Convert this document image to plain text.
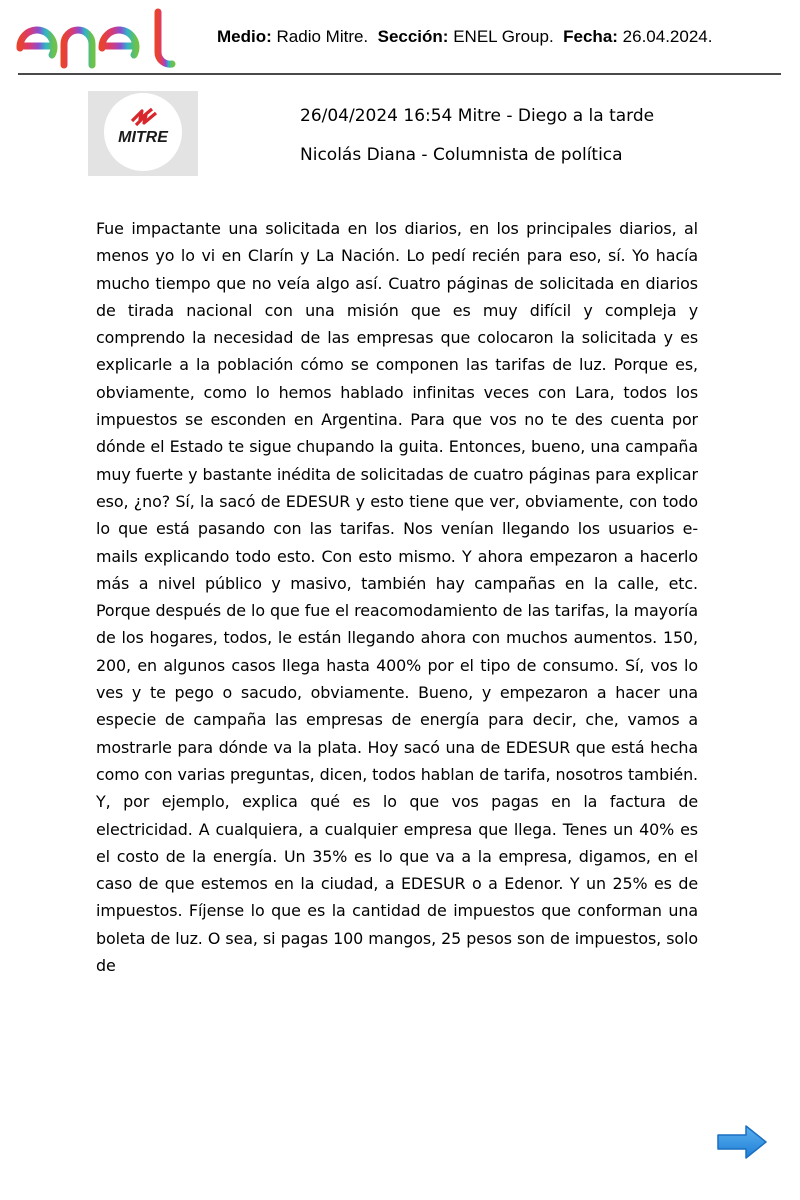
Medio: Radio Mitre. Sección: ENEL Group. Fecha: 26.04.2024.
MITRE
26/04/2024 16:54 Mitre - Diego a la tarde
Nicolás Diana - Columnista de política
Fue impactante una solicitada en los diarios, en los principales diarios, al menos yo lo vi en Clarín y La Nación. Lo pedí recién para eso, sí. Yo hacía mucho tiempo que no veía algo así. Cuatro páginas de solicitada en diarios de tirada nacional con una misión que es muy difícil y compleja y comprendo la necesidad de las empresas que colocaron la solicitada y es explicarle a la población cómo se componen las tarifas de luz. Porque es, obviamente, como lo hemos hablado infinitas veces con Lara, todos los impuestos se esconden en Argentina. Para que vos no te des cuenta por dónde el Estado te sigue chupando la guita. Entonces, bueno, una campaña muy fuerte y bastante inédita de solicitadas de cuatro páginas para explicar eso, ¿no? Sí, la sacó de EDESUR y esto tiene que ver, obviamente, con todo lo que está pasando con las tarifas. Nos venían llegando los usuarios e-mails explicando todo esto. Con esto mismo. Y ahora empezaron a hacerlo más a nivel público y masivo, también hay campañas en la calle, etc. Porque después de lo que fue el reacomodamiento de las tarifas, la mayoría de los hogares, todos, le están llegando ahora con muchos aumentos. 150, 200, en algunos casos llega hasta 400% por el tipo de consumo. Sí, vos lo ves y te pego o sacudo, obviamente. Bueno, y empezaron a hacer una especie de campaña las empresas de energía para decir, che, vamos a mostrarle para dónde va la plata. Hoy sacó una de EDESUR que está hecha como con varias preguntas, dicen, todos hablan de tarifa, nosotros también. Y, por ejemplo, explica qué es lo que vos pagas en la factura de electricidad. A cualquiera, a cualquier empresa que llega. Tenes un 40% es el costo de la energía. Un 35% es lo que va a la empresa, digamos, en el caso de que estemos en la ciudad, a EDESUR o a Edenor. Y un 25% es de impuestos. Fíjense lo que es la cantidad de impuestos que conforman una boleta de luz. O sea, si pagas 100 mangos, 25 pesos son de impuestos, solo de
